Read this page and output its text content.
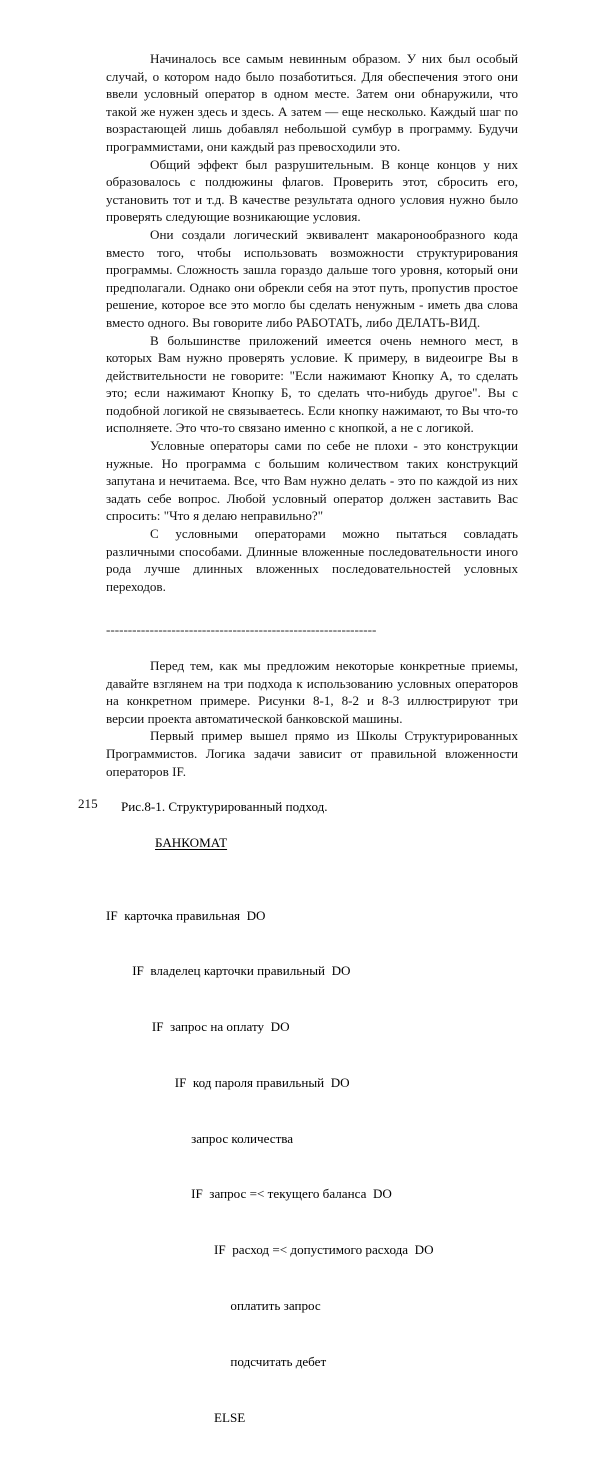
Начиналось все самым невинным образом. У них был особый случай, о котором надо было позаботиться. Для обеспечения этого они ввели условный оператор в одном месте. Затем они обнаружили, что такой же нужен здесь и здесь. А затем — еще несколько. Каждый шаг по возрастающей лишь добавлял небольшой сумбур в программу. Будучи программистами, они каждый раз превосходили это.

Общий эффект был разрушительным. В конце концов у них образовалось с полдюжины флагов. Проверить этот, сбросить его, установить тот и т.д. В качестве результата одного условия нужно было проверять следующие возникающие условия.

Они создали логический эквивалент макаронообразного кода вместо того, чтобы использовать возможности структурирования программы. Сложность зашла гораздо дальше того уровня, который они предполагали. Однако они обрекли себя на этот путь, пропустив простое решение, которое все это могло бы сделать ненужным - иметь два слова вместо одного. Вы говорите либо РАБОТАТЬ, либо ДЕЛАТЬ-ВИД.

В большинстве приложений имеется очень немного мест, в которых Вам нужно проверять условие. К примеру, в видеоигре Вы в действительности не говорите: "Если нажимают Кнопку А, то сделать это; если нажимают Кнопку Б, то сделать что-нибудь другое". Вы с подобной логикой не связываетесь. Если кнопку нажимают, то Вы что-то исполняете. Это что-то связано именно с кнопкой, а не с логикой.

Условные операторы сами по себе не плохи - это конструкции нужные. Но программа с большим количеством таких конструкций запутана и нечитаема. Все, что Вам нужно делать - это по каждой из них задать себе вопрос. Любой условный оператор должен заставить Вас спросить: "Что я делаю неправильно?"

С условными операторами можно пытаться совладать различными способами. Длинные вложенные последовательности иного рода лучше длинных вложенных последовательностей условных переходов.

--------------------------------------------------------------

Перед тем, как мы предложим некоторые конкретные приемы, давайте взглянем на три подхода к использованию условных операторов на конкретном примере. Рисунки 8-1, 8-2 и 8-3 иллюстрируют три версии проекта автоматической банковской машины.

Первый пример вышел прямо из Школы Структурированных Программистов. Логика задачи зависит от правильной вложенности операторов IF.

Рис.8-1. Структурированный подход.

БАНКОМАТ

IF  карточка правильная  DO

IF  владелец карточки правильный  DO

IF  запрос на оплату  DO

IF  код пароля правильный  DO

запрос количества

IF  запрос =< текущего баланса  DO

IF  расход =< допустимого расхода  DO

оплатить запрос

подсчитать дебет

ELSE

215
